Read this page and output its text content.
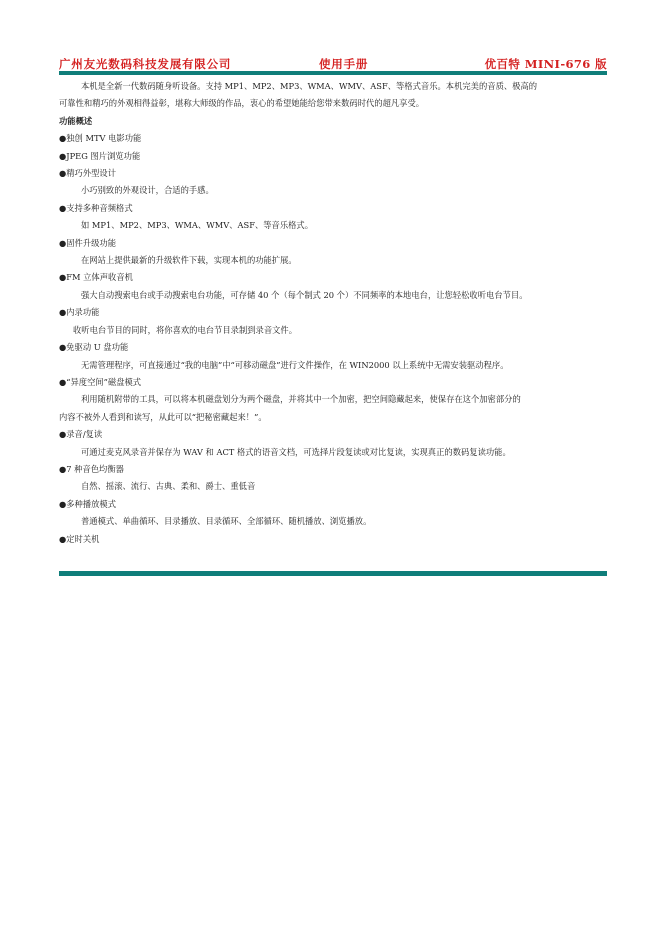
广州友光数码科技发展有限公司	使用手册	优百特 MINI-676 版

本机是全新一代数码随身听设备。支持 MP1、MP2、MP3、WMA、WMV、ASF、等格式音乐。本机完美的音质、极高的

可靠性和精巧的外观相得益彰，堪称大师级的作品，衷心的希望她能给您带来数码时代的超凡享受。

功能概述

●独创 MTV 电影功能

●JPEG 图片浏览功能

●精巧外型设计

小巧别致的外观设计，合适的手感。

●支持多种音频格式

如 MP1、MP2、MP3、WMA、WMV、ASF、等音乐格式。

●固件升级功能

在网站上提供最新的升级软件下载，实现本机的功能扩展。

●FM 立体声收音机

强大自动搜索电台或手动搜索电台功能，可存储 40 个（每个制式 20 个）不同频率的本地电台，让您轻松收听电台节目。

●内录功能

收听电台节目的同时，将你喜欢的电台节目录制到录音文件。

●免驱动 U 盘功能

无需管理程序，可直接通过“我的电脑”中“可移动磁盘”进行文件操作，在 WIN2000 以上系统中无需安装驱动程序。

●“异度空间”磁盘模式

利用随机附带的工具，可以将本机磁盘划分为两个磁盘，并将其中一个加密，把空间隐藏起来，使保存在这个加密部分的

内容不被外人看到和读写，从此可以“把秘密藏起来！”。

●录音/复读

可通过麦克风录音并保存为 WAV 和 ACT 格式的语音文档，可选择片段复读或对比复读，实现真正的数码复读功能。

●7 种音色均衡器

自然、摇滚、流行、古典、柔和、爵士、重低音

●多种播放模式

普通模式、单曲循环、目录播放、目录循环、全部循环、随机播放、浏览播放。

●定时关机
